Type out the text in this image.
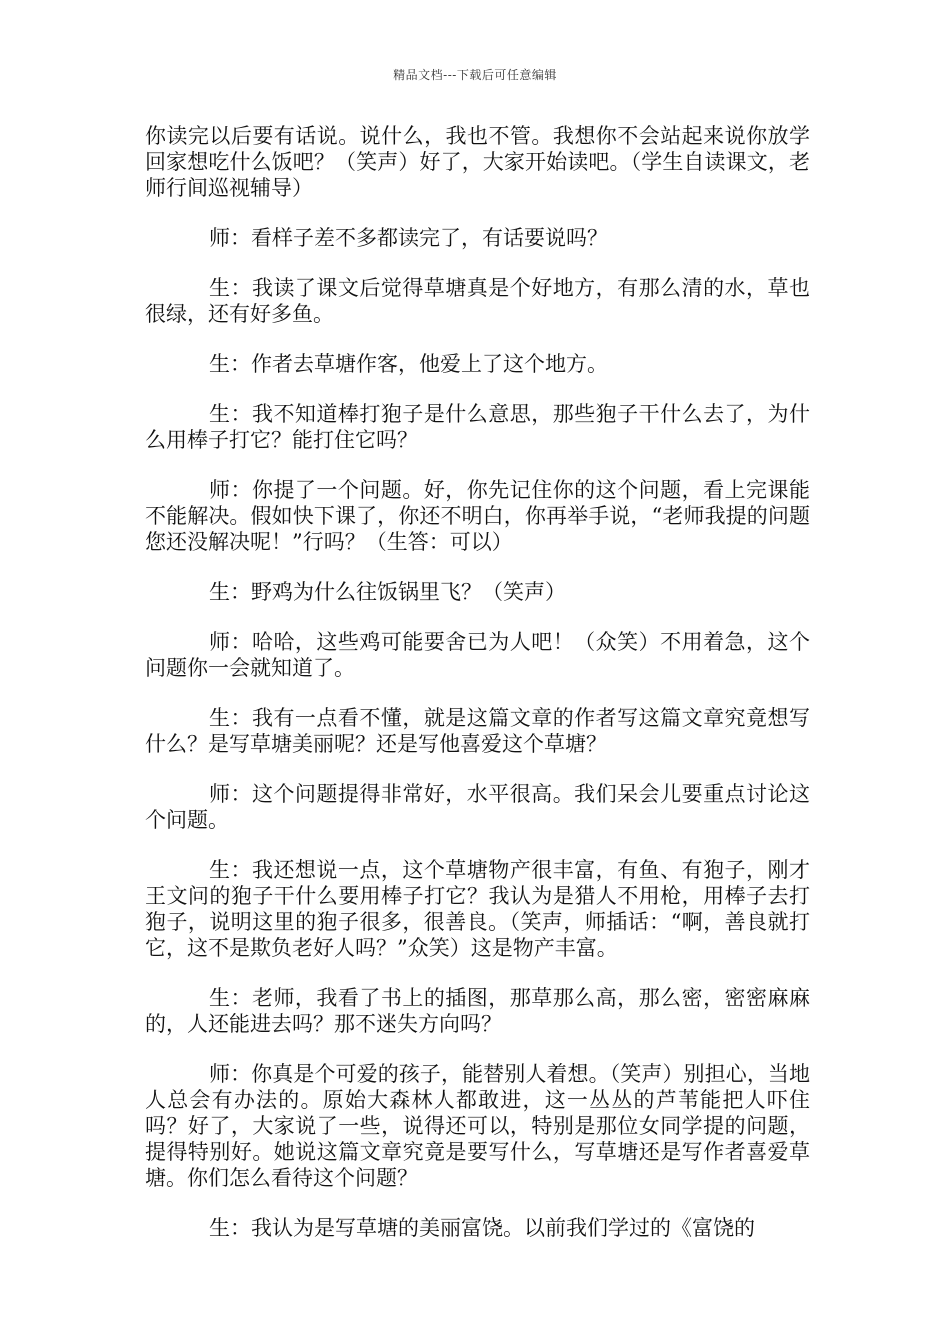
精品文档---下载后可任意编辑

你读完以后要有话说。说什么，我也不管。我想你不会站起来说你放学回家想吃什么饭吧？（笑声）好了，大家开始读吧。（学生自读课文，老师行间巡视辅导）

师：看样子差不多都读完了，有话要说吗？

生：我读了课文后觉得草塘真是个好地方，有那么清的水，草也很绿，还有好多鱼。

生：作者去草塘作客，他爱上了这个地方。

生：我不知道棒打狍子是什么意思，那些狍子干什么去了，为什么用棒子打它？能打住它吗？

师：你提了一个问题。好，你先记住你的这个问题，看上完课能不能解决。假如快下课了，你还不明白，你再举手说，“老师我提的问题您还没解决呢！”行吗？（生答：可以）

生：野鸡为什么往饭锅里飞？（笑声）

师：哈哈，这些鸡可能要舍已为人吧！（众笑）不用着急，这个问题你一会就知道了。

生：我有一点看不懂，就是这篇文章的作者写这篇文章究竟想写什么？是写草塘美丽呢？还是写他喜爱这个草塘？

师：这个问题提得非常好，水平很高。我们呆会儿要重点讨论这个问题。

生：我还想说一点，这个草塘物产很丰富，有鱼、有狍子，刚才王文问的狍子干什么要用棒子打它？我认为是猎人不用枪，用棒子去打狍子，说明这里的狍子很多，很善良。（笑声，师插话：“啊，善良就打它，这不是欺负老好人吗？”众笑）这是物产丰富。

生：老师，我看了书上的插图，那草那么高，那么密，密密麻麻的，人还能进去吗？那不迷失方向吗？

师：你真是个可爱的孩子，能替别人着想。（笑声）别担心，当地人总会有办法的。原始大森林人都敢进，这一丛丛的芦苇能把人吓住吗？好了，大家说了一些，说得还可以，特别是那位女同学提的问题，提得特别好。她说这篇文章究竟是要写什么，写草塘还是写作者喜爱草塘。你们怎么看待这个问题？

生：我认为是写草塘的美丽富饶。以前我们学过的《富饶的
